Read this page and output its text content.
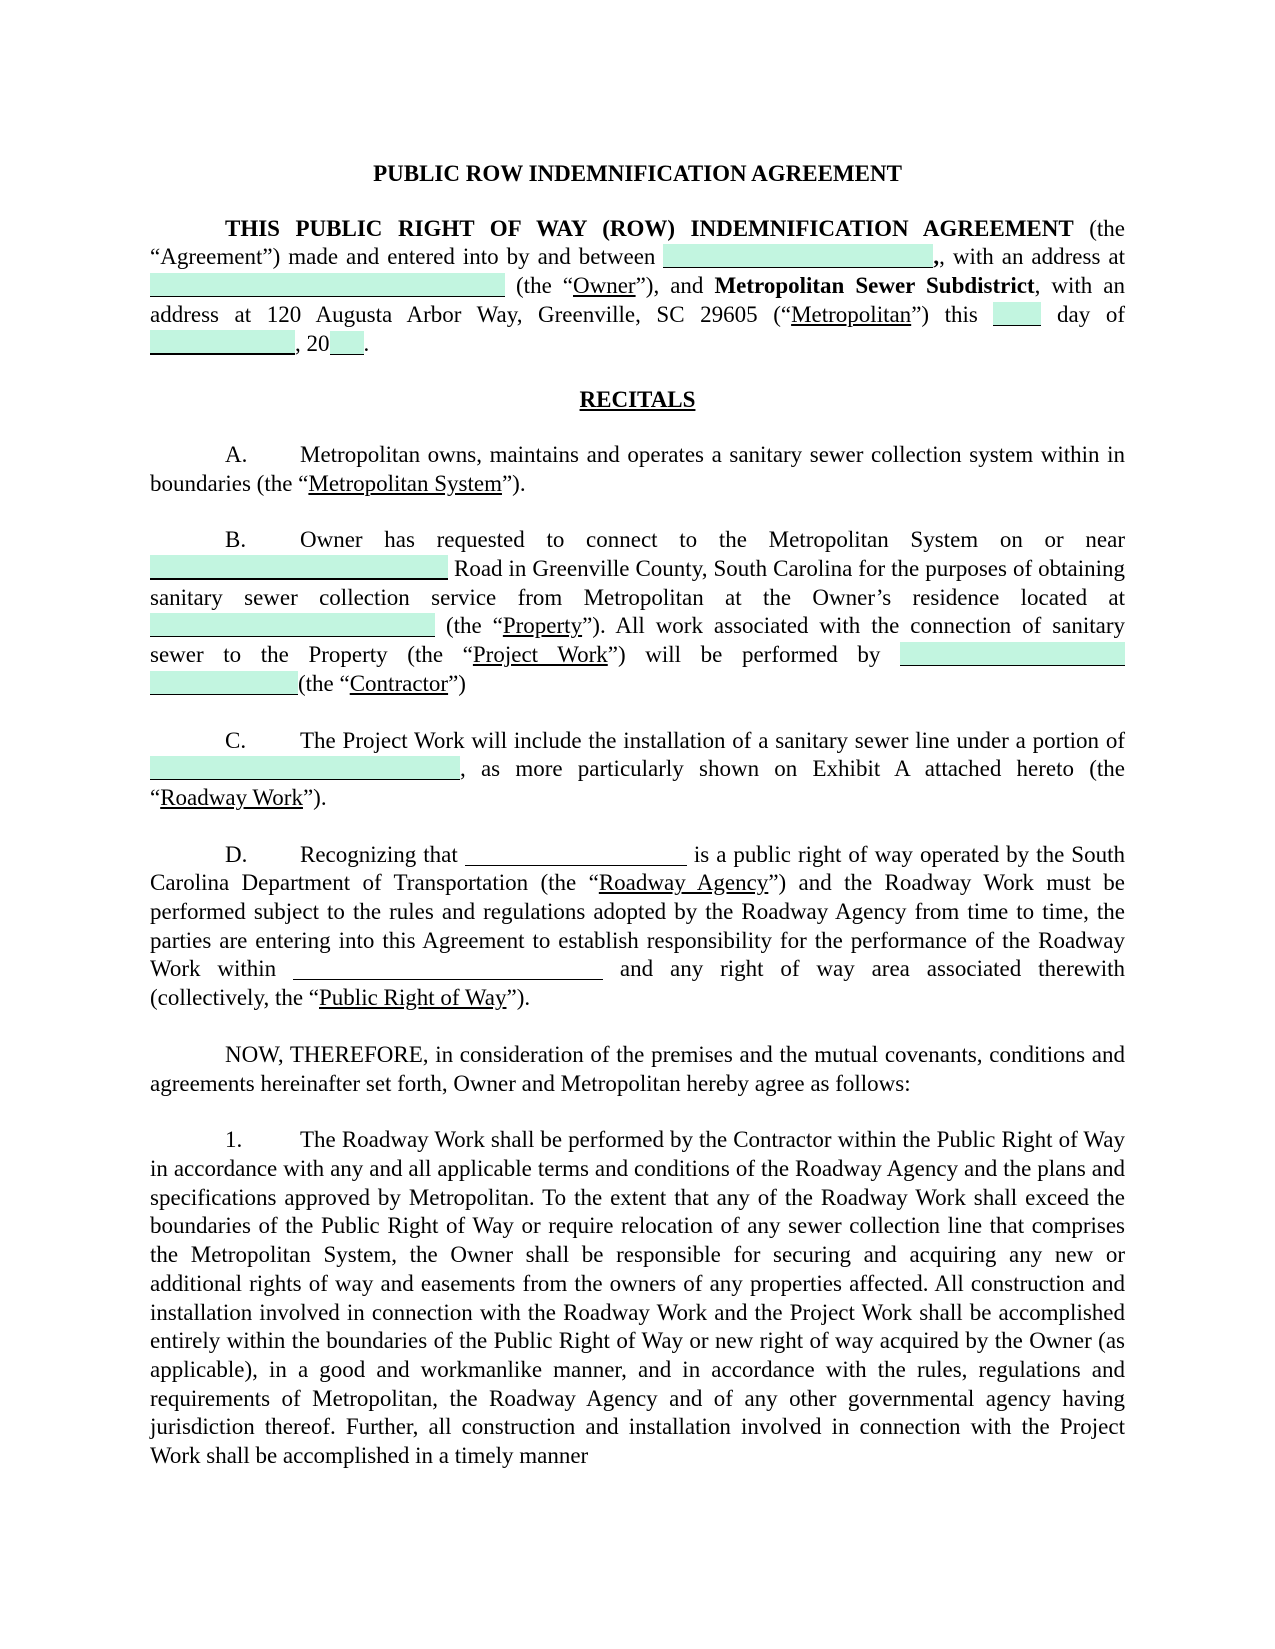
PUBLIC ROW INDEMNIFICATION AGREEMENT

THIS PUBLIC RIGHT OF WAY (ROW) INDEMNIFICATION AGREEMENT (the “Agreement”) made and entered into by and between	,, with an address at  (the “Owner”), and Metropolitan Sewer Subdistrict, with an address at 120 Augusta Arbor Way, Greenville, SC 29605 (“Metropolitan”) this  day of , 20 .

RECITALS

A. Metropolitan owns, maintains and operates a sanitary sewer collection system within in boundaries (the “Metropolitan System”).

B. Owner has requested to connect to the Metropolitan System on or near  Road in Greenville County, South Carolina for the purposes of obtaining sanitary sewer collection service from Metropolitan at the Owner’s residence located at  (the “Property”). All work associated with the connection of sanitary sewer to the Property (the “Project Work”) will be performed by  (the “Contractor”)

C. The Project Work will include the installation of a sanitary sewer line under a portion of , as more particularly shown on Exhibit A attached hereto (the “Roadway Work”).

D. Recognizing that	is a public right of way operated by the South Carolina Department of Transportation (the “Roadway Agency”) and the Roadway Work must be performed subject to the rules and regulations adopted by the Roadway Agency from time to time, the parties are entering into this Agreement to establish responsibility for the performance of the Roadway Work within	and any right of way area associated therewith (collectively, the “Public Right of Way”).

NOW, THEREFORE, in consideration of the premises and the mutual covenants, conditions and agreements hereinafter set forth, Owner and Metropolitan hereby agree as follows:

1.	The Roadway Work shall be performed by the Contractor within the Public Right of Way in accordance with any and all applicable terms and conditions of the Roadway Agency and the plans and specifications approved by Metropolitan. To the extent that any of the Roadway Work shall exceed the boundaries of the Public Right of Way or require relocation of any sewer collection line that comprises the Metropolitan System, the Owner shall be responsible for securing and acquiring any new or additional rights of way and easements from the owners of any properties affected. All construction and installation involved in connection with the Roadway Work and the Project Work shall be accomplished entirely within the boundaries of the Public Right of Way or new right of way acquired by the Owner (as applicable), in a good and workmanlike manner, and in accordance with the rules, regulations and requirements of Metropolitan, the Roadway Agency and of any other governmental agency having jurisdiction thereof. Further, all construction and installation involved in connection with the Project Work shall be accomplished in a timely manner
